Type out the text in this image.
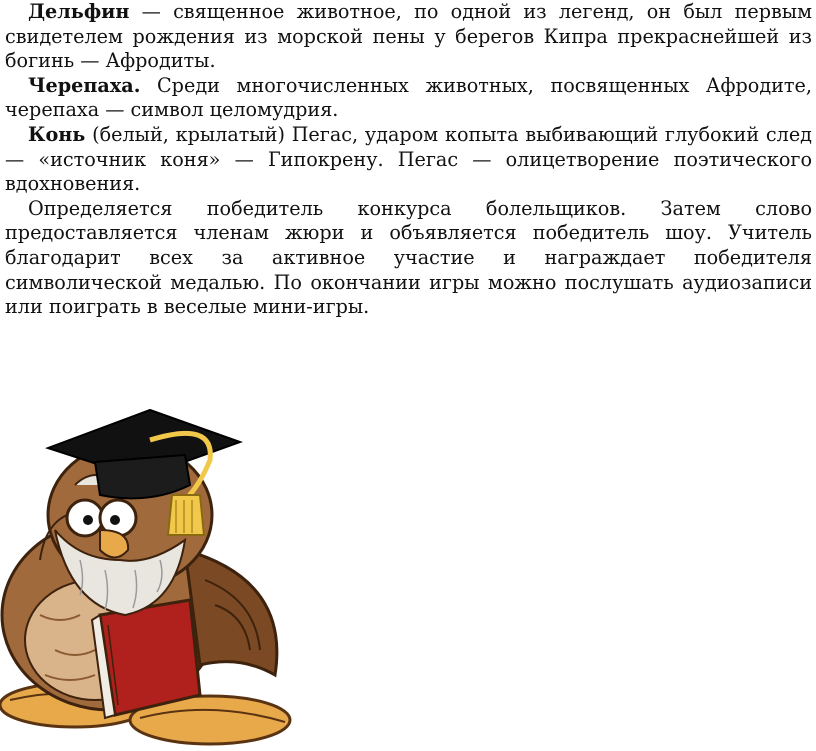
Дельфин — священное животное, по одной из легенд, он был первым свидетелем рождения из морской пены у берегов Кипра прекраснейшей из богинь — Афродиты.

Черепаха. Среди многочисленных животных, посвященных Афродите, черепаха — символ целомудрия.

Конь (белый, крылатый) Пегас, ударом копыта выбивающий глубокий след — «источник коня» — Гипокрену. Пегас — олицетворение поэтического вдохновения.

Определяется победитель конкурса болельщиков. Затем слово предоставляется членам жюри и объявляется победитель шоу. Учитель благодарит всех за активное участие и награждает победителя символической медалью. По окончании игры можно послушать аудиозаписи или поиграть в веселые мини-игры.
